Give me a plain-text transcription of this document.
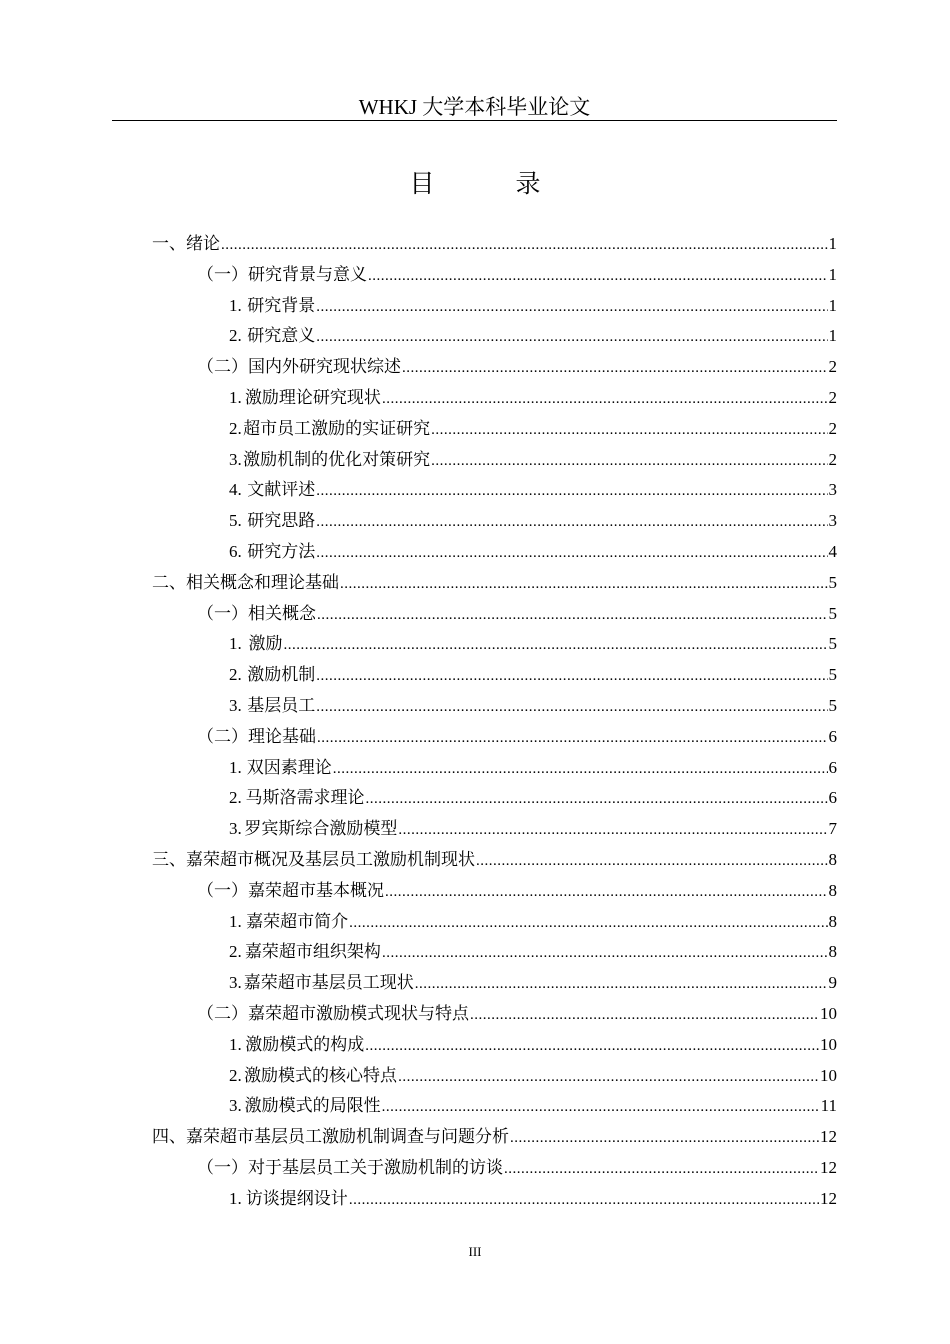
WHKJ 大学本科毕业论文
目　录
一、 绪论 .....	1
（一） 研究背景与意义 .....	1
1. 研究背景 .....	1
2. 研究意义 .....	1
（二） 国内外研究现状综述 .....	2
1. 激励理论研究现状 .....	2
2. 超市员工激励的实证研究 .....	2
3. 激励机制的优化对策研究 .....	2
4. 文献评述 .....	3
5. 研究思路 .....	3
6. 研究方法 .....	4
二、 相关概念和理论基础 .....	5
（一） 相关概念 .....	5
1. 激励 .....	5
2. 激励机制 .....	5
3. 基层员工 .....	5
（二） 理论基础 .....	6
1. 双因素理论 .....	6
2. 马斯洛需求理论 .....	6
3. 罗宾斯综合激励模型 .....	7
三、 嘉荣超市概况及基层员工激励机制现状 .....	8
（一） 嘉荣超市基本概况 .....	8
1. 嘉荣超市简介 .....	8
2. 嘉荣超市组织架构 .....	8
3. 嘉荣超市基层员工现状 .....	9
（二） 嘉荣超市激励模式现状与特点 .....	10
1. 激励模式的构成 .....	10
2. 激励模式的核心特点 .....	10
3. 激励模式的局限性 .....	11
四、 嘉荣超市基层员工激励机制调查与问题分析 .....	12
（一） 对于基层员工关于激励机制的访谈 .....	12
1. 访谈提纲设计 .....	12
III
